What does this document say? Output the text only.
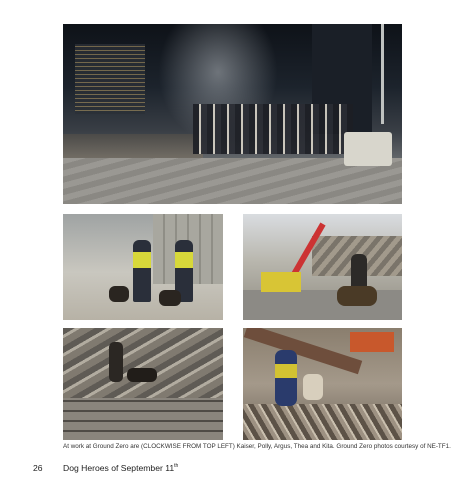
At work at Ground Zero are (CLOCKWISE FROM TOP LEFT) Kaiser, Polly, Argus, Thea and Kita. Ground Zero photos courtesy of NE-TF1.
26 Dog Heroes of September 11th
